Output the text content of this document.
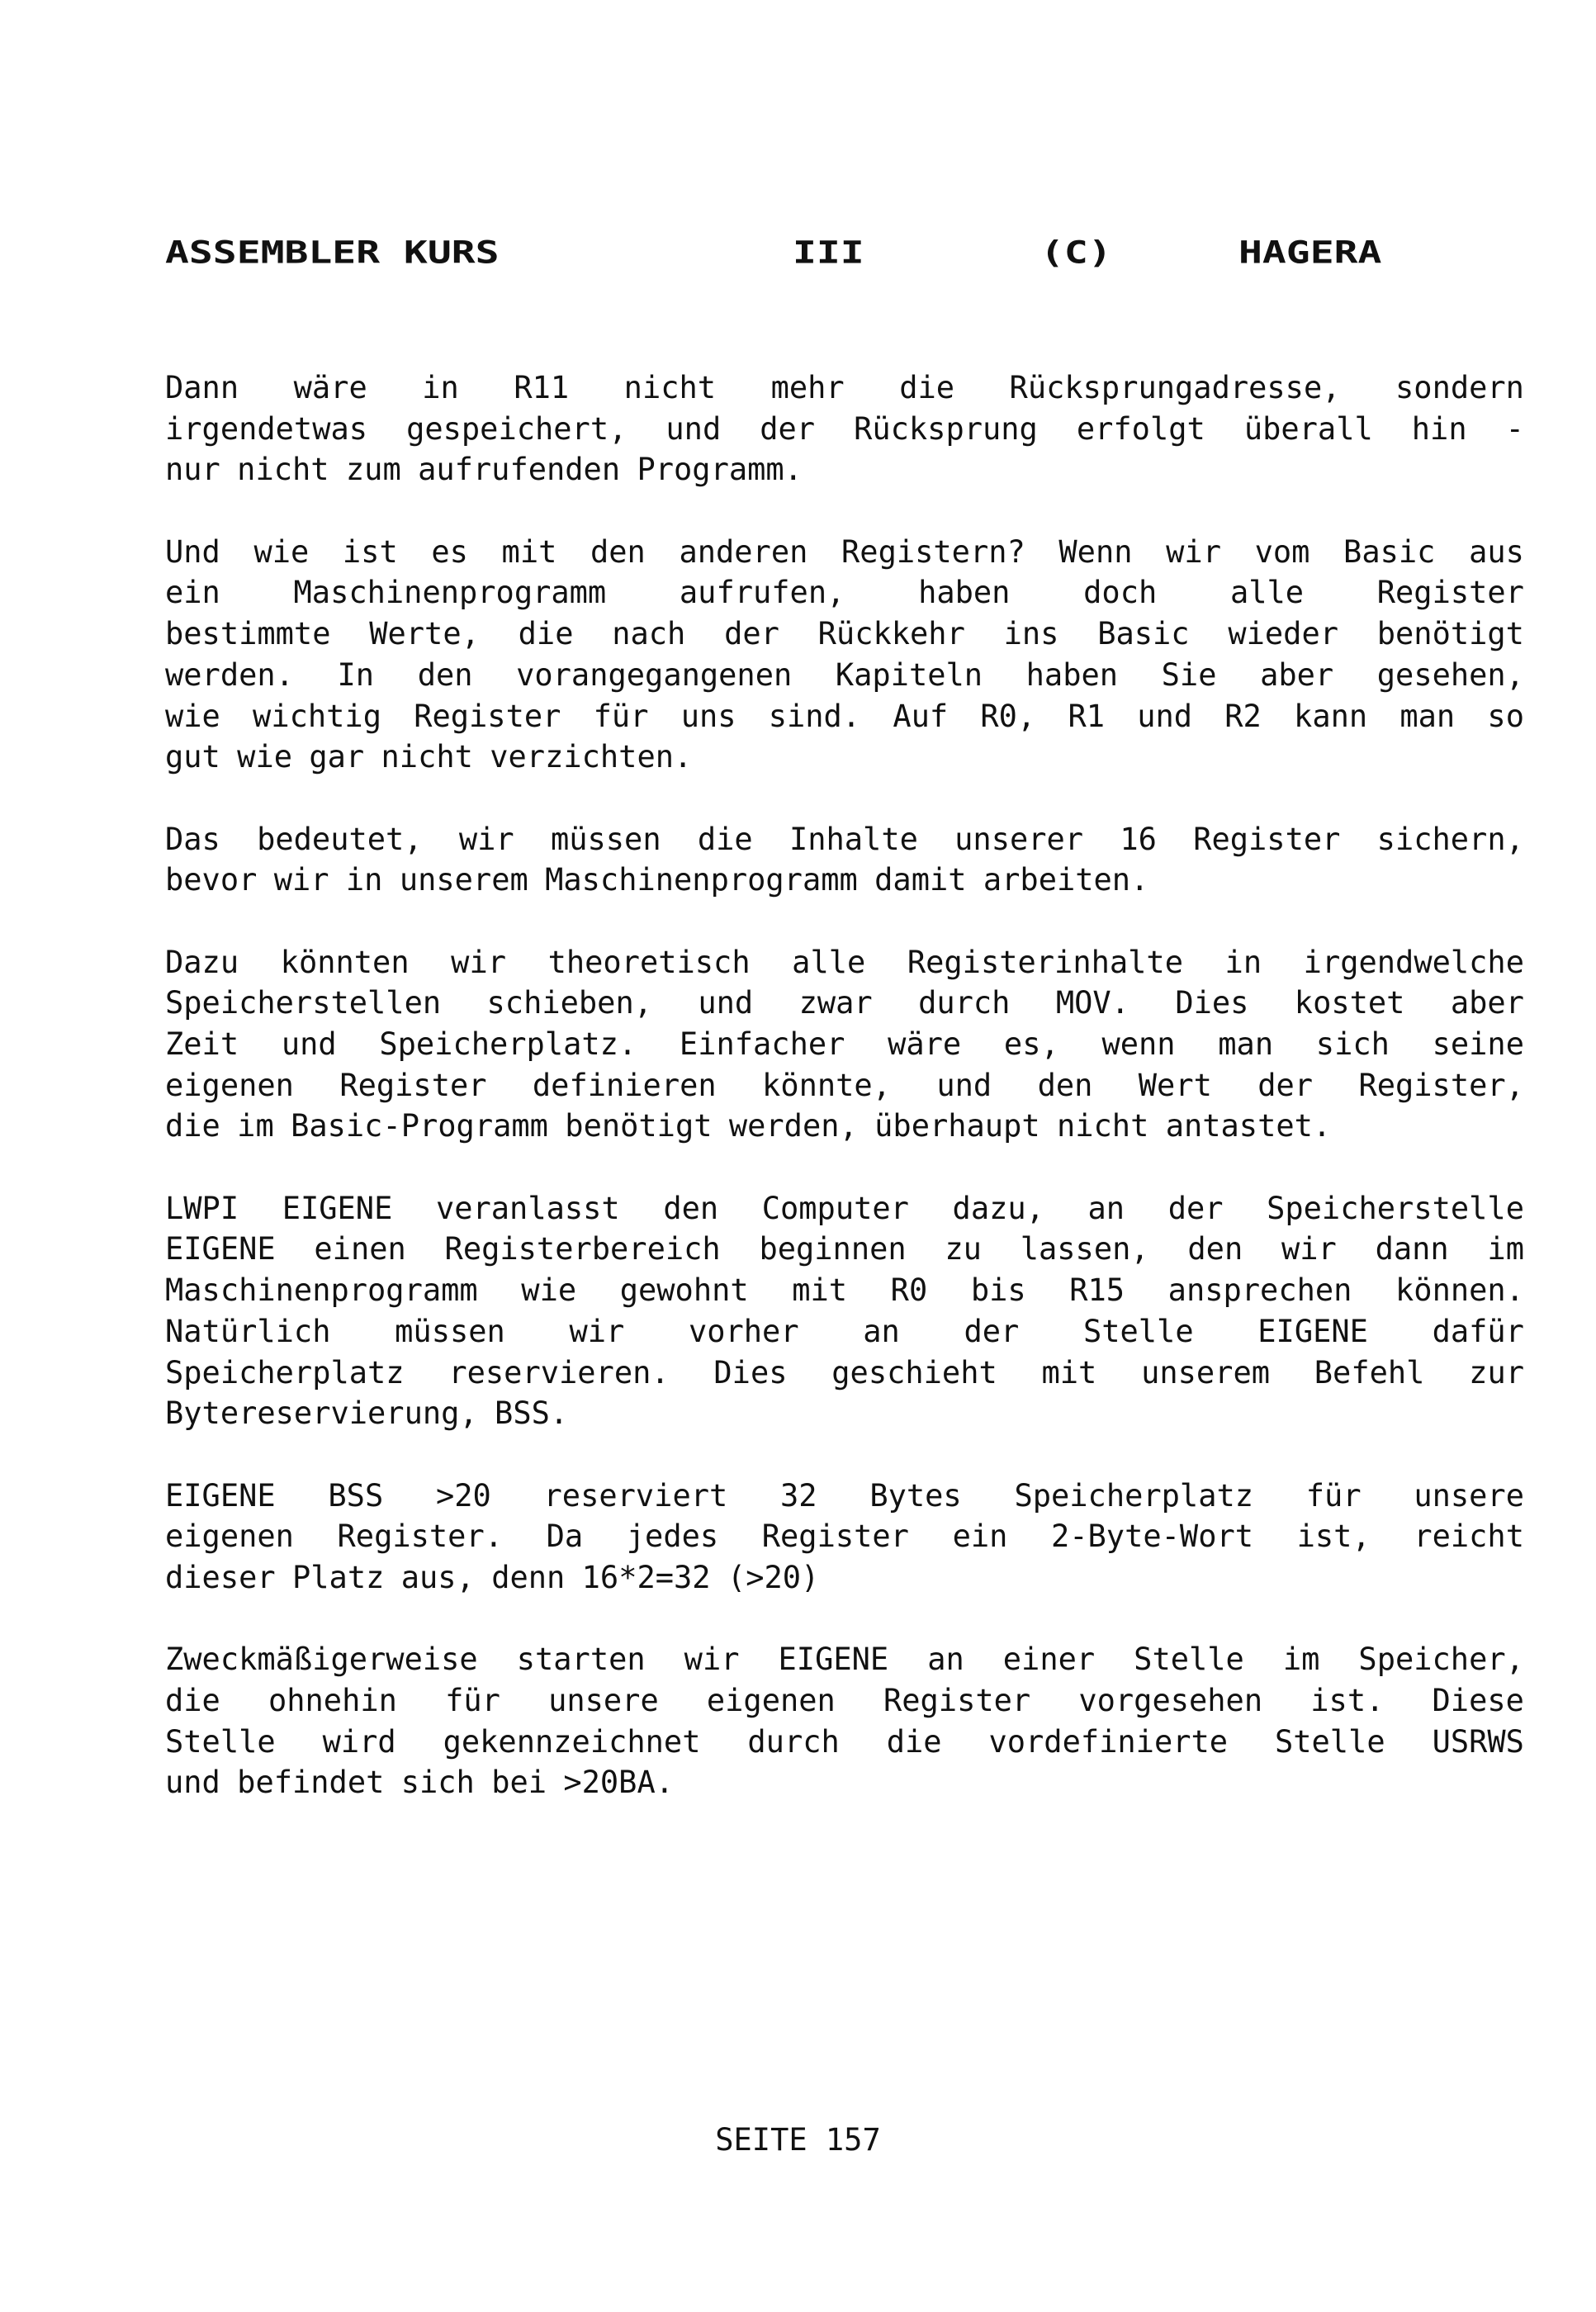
ASSEMBLER KURS

	III

	(C)

	HAGERA

Dann wäre in R11 nicht mehr die Rücksprungadresse, sondern
irgendetwas gespeichert, und der Rücksprung erfolgt überall hin -
nur nicht zum aufrufenden Programm.
Und wie ist es mit den anderen Registern? Wenn wir vom Basic aus
ein Maschinenprogramm aufrufen, haben doch alle Register
bestimmte Werte, die nach der Rückkehr ins Basic wieder benötigt
werden. In den vorangegangenen Kapiteln haben Sie aber gesehen,
wie wichtig Register für uns sind. Auf R0, R1 und R2 kann man so
gut wie gar nicht verzichten.
Das bedeutet, wir müssen die Inhalte unserer 16 Register sichern,
bevor wir in unserem Maschinenprogramm damit arbeiten.
Dazu könnten wir theoretisch alle Registerinhalte in irgendwelche
Speicherstellen schieben, und zwar durch MOV. Dies kostet aber
Zeit und Speicherplatz. Einfacher wäre es, wenn man sich seine
eigenen Register definieren könnte, und den Wert der Register,
die im Basic-Programm benötigt werden, überhaupt nicht antastet.
LWPI EIGENE veranlasst den Computer dazu, an der Speicherstelle
EIGENE einen Registerbereich beginnen zu lassen, den wir dann im
Maschinenprogramm wie gewohnt mit R0 bis R15 ansprechen können.
Natürlich müssen wir vorher an der Stelle EIGENE dafür
Speicherplatz reservieren. Dies geschieht mit unserem Befehl zur
Bytereservierung, BSS.
EIGENE BSS >20 reserviert 32 Bytes Speicherplatz für unsere
eigenen Register. Da jedes Register ein 2-Byte-Wort ist, reicht
dieser Platz aus, denn 16*2=32 (>20)
Zweckmäßigerweise starten wir EIGENE an einer Stelle im Speicher,
die ohnehin für unsere eigenen Register vorgesehen ist. Diese
Stelle wird gekennzeichnet durch die vordefinierte Stelle USRWS
und befindet sich bei >20BA.
SEITE 157
